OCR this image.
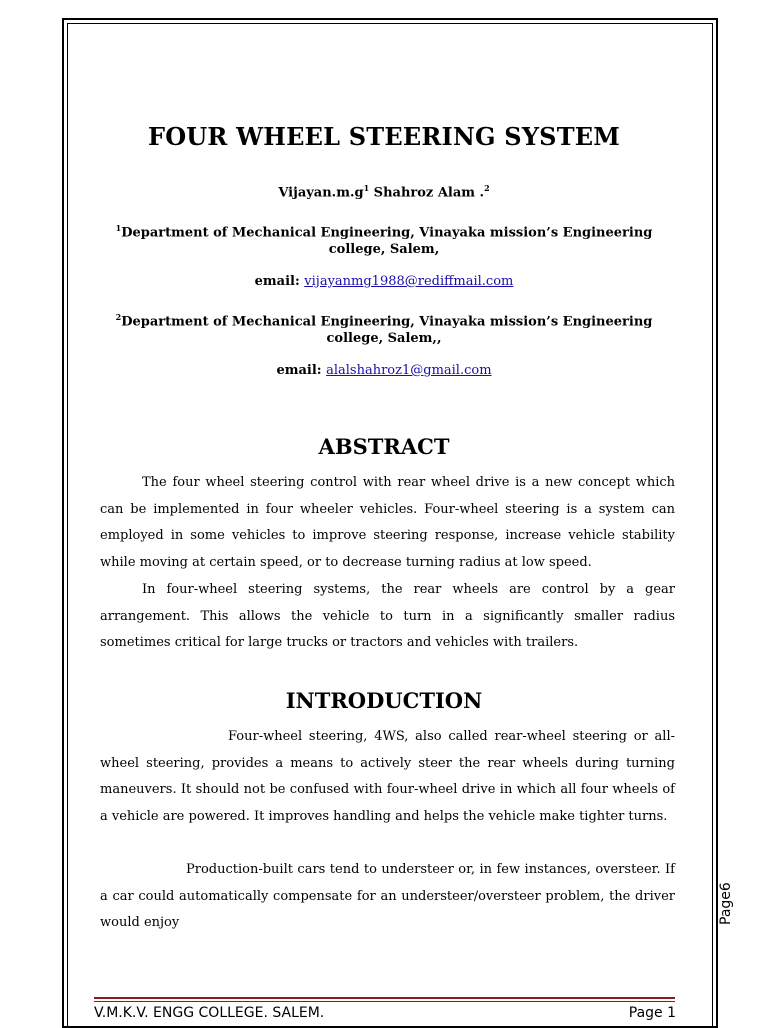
FOUR WHEEL STEERING SYSTEM
$Vijayan.m.g^1$ Shahroz Alam .$^2$
$^1$Department of Mechanical Engineering, Vinayaka mission’s Engineering
college, Salem,
email: vijayanmg1988@rediffmail.com
$^2$Department of Mechanical Engineering, Vinayaka mission’s Engineering
college, Salem,,
email: alalshahroz1@gmail.com
ABSTRACT

The four wheel steering control with rear wheel drive is a new concept which can be implemented in four wheeler vehicles. Four-wheel steering is a system can employed in some vehicles to improve steering response, increase vehicle stability while moving at certain speed, or to decrease turning radius at low speed.

In four-wheel steering systems, the rear wheels are control by a gear arrangement. This allows the vehicle to turn in a significantly smaller radius sometimes critical for large trucks or tractors and vehicles with trailers.

INTRODUCTION

Four-wheel steering, 4WS, also called rear-wheel steering or all-wheel steering, provides a means to actively steer the rear wheels during turning maneuvers. It should not be confused with four-wheel drive in which all four wheels of a vehicle are powered. It improves handling and helps the vehicle make tighter turns.

Production-built cars tend to understeer or, in few instances, oversteer. If a car could automatically compensate for an understeer/oversteer problem, the driver would enjoy	Page6
V.M.K.V. ENGG COLLEGE. SALEM.	Page 1
